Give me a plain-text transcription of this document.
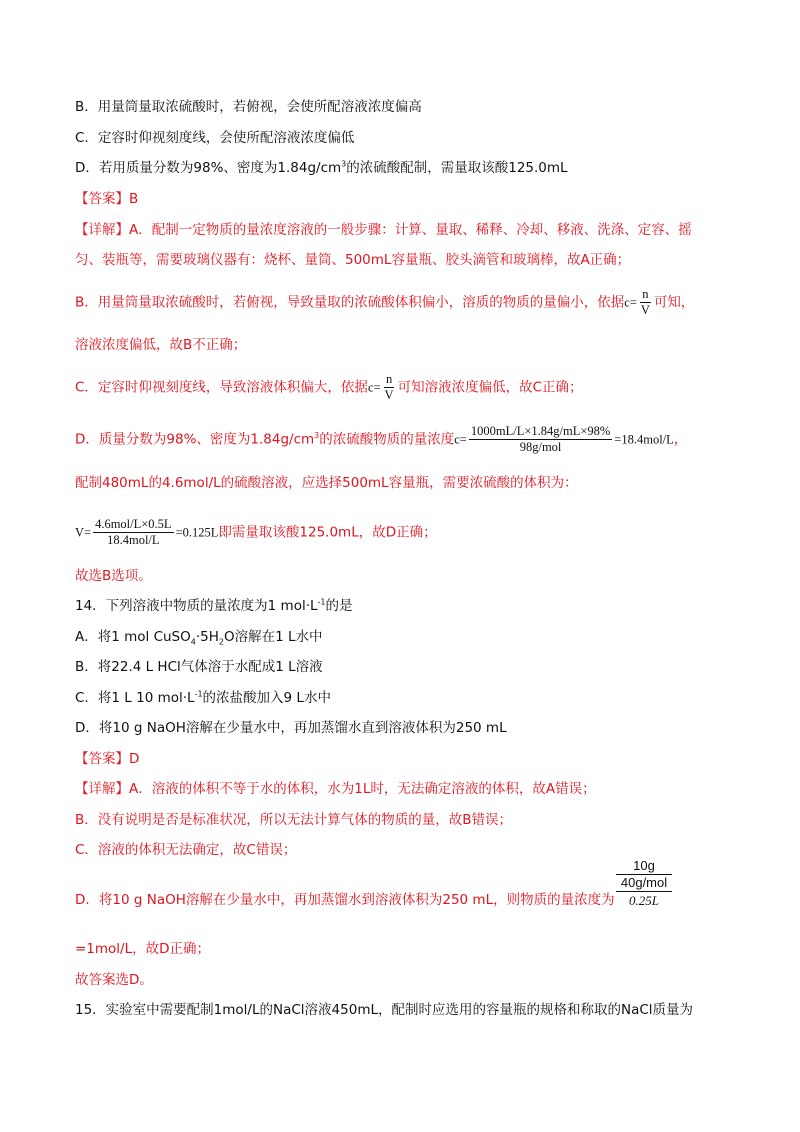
B．用量筒量取浓硫酸时，若俯视，会使所配溶液浓度偏高
C．定容时仰视刻度线，会使所配溶液浓度偏低
D．若用质量分数为98%、密度为$1.84g/cm^3$的浓硫酸配制，需量取该酸125.0mL
【答案】B
【详解】A．配制一定物质的量浓度溶液的一般步骤：计算、量取、稀释、冷却、移液、洗涤、定容、摇
匀、装瓶等，需要玻璃仪器有：烧杯、量筒、500mL容量瓶、胶头滴管和玻璃棒，故A正确；
B．用量筒量取浓硫酸时，若俯视，导致量取的浓硫酸体积偏小，溶质的物质的量偏小，依据$c= \frac{n}{V}$ 可知，
溶液浓度偏低，故B不正确；
C．定容时仰视刻度线，导致溶液体积偏大，依据$c= \frac{n}{V}$ 可知溶液浓度偏低，故C正确；
D．质量分数为98%、密度为$1.84g/cm^3$的浓硫酸物质的量浓度$c= \frac{1000mL/L\times 1.84g/mL\times 98\%}{\text{98g/mol}} =18.4mol/L$，
配制480mL的4.6mol/L的硫酸溶液，应选择500mL容量瓶，需要浓硫酸的体积为：
$V= \frac{\text{4.6mol/L×0.5L}}{\text{18.4mol/L}} =0.125L$即需量取该酸125.0mL，故D正确；
故选B选项。
14．下列溶液中物质的量浓度为1 $mol\cdot L^{-1}$的是
A．将1 mol $CuSO_4\cdot 5H_2O$溶解在1 L水中
B．将22.4 L HCl气体溶于水配成1 L溶液
C．将1 L 10 $mol\cdot L^{-1}$的浓盐酸加入9 L水中
D．将10 g NaOH溶解在少量水中，再加蒸馏水直到溶液体积为250 mL
【答案】D
【详解】A．溶液的体积不等于水的体积，水为1L时，无法确定溶液的体积，故A错误；
B．没有说明是否是标准状况，所以无法计算气体的物质的量，故B错误；
C．溶液的体积无法确定，故C错误；
D．将10 g NaOH溶解在少量水中，再加蒸馏水到溶液体积为250 mL，则物质的量浓度为
10g
40g/mol
0.25L
=1mol/L，故D正确；
故答案选D。
15．实验室中需要配制1mol/L的NaCl溶液450mL，配制时应选用的容量瓶的规格和称取的NaCl质量为
